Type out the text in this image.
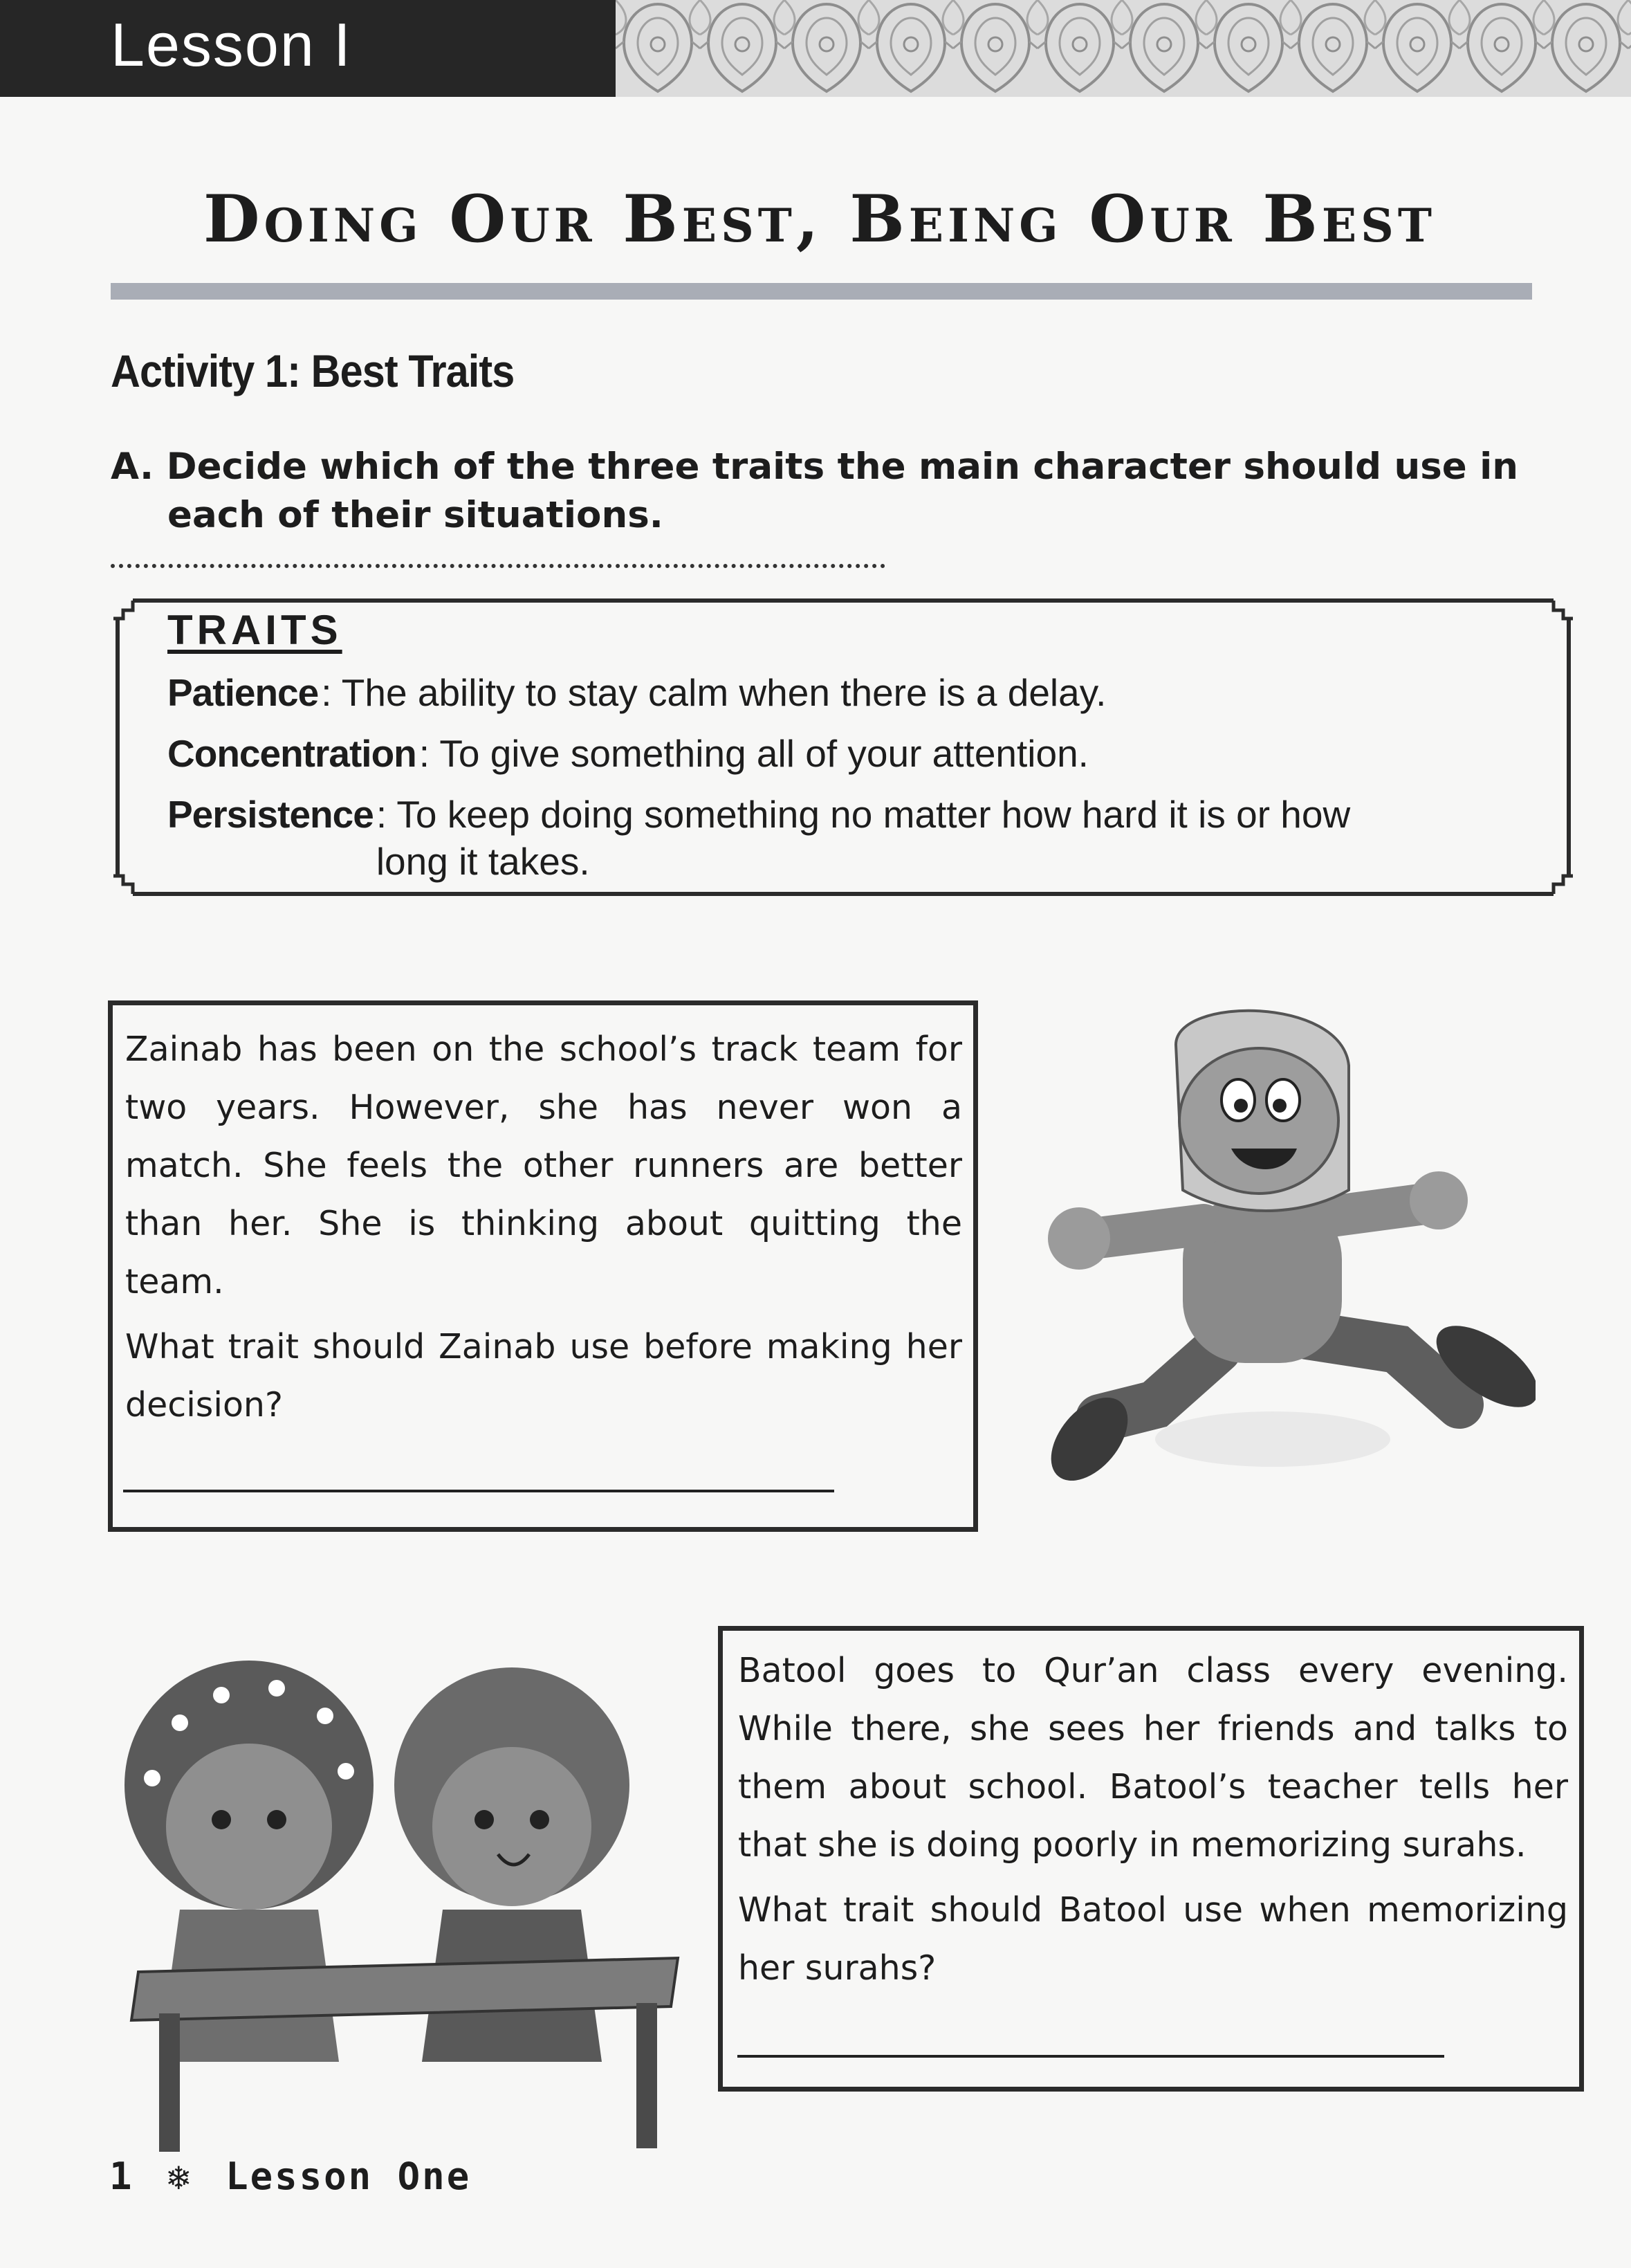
Lesson I
Doing Our Best, Being Our Best
Activity 1: Best Traits
A. Decide which of the three traits the main character should use in each of their situations.
TRAITS
Patience : The ability to stay calm when there is a delay.
Concentration : To give something all of your attention.
Persistence : To keep doing something no matter how hard it is or how long it takes.

Zainab has been on the school’s track team for two years. However, she has never won a match. She feels the other runners are better than her. She is thinking about quitting the team.

What trait should Zainab use before making her decision?

Batool goes to Qur’an class every evening. While there, she sees her friends and talks to them about school. Batool’s teacher tells her that she is doing poorly in memorizing surahs.

What trait should Batool use when memorizing her surahs?

1 ❄ Lesson One
